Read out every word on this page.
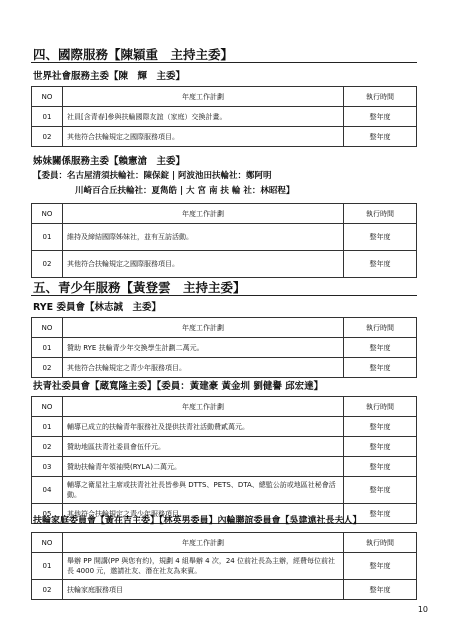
四、國際服務【陳穎重　主持主委】
世界社會服務主委【陳　輝　主委】
NO	年度工作計劃	執行時間
01	社員[含青春]參與扶輪國際友誼（家庭）交換計畫。	整年度
02	其他符合扶輪規定之國際服務項目。	整年度
姊妹關係服務主委【賴憲滄　主委】
【委員：名古屋清須扶輪社：陳保錠 | 阿波池田扶輪社：鄭阿明
川崎百合丘扶輪社：夏雋皓 | 大 宮 南 扶 輪 社：林昭程】
NO	年度工作計劃	執行時間
01	維持及締結國際姊妹社，並有互訪活動。	整年度
02	其他符合扶輪規定之國際服務項目。	整年度
五、青少年服務【黃登雲　主持主委】
RYE 委員會【林志誠　主委】
NO	年度工作計劃	執行時間
01	贊助 RYE 扶輪青少年交換學生計劃二萬元。	整年度
02	其他符合扶輪規定之青少年服務項目。	整年度
扶青社委員會【蔵寬隆主委】【委員：黃建豪 黃金圳 劉健譽 邱宏達】
NO	年度工作計劃	執行時間
01	輔導已成立的扶輪青年服務社及提供扶青社活動費貳萬元。	整年度
02	贊助地區扶青社委員會伍仟元。	整年度
03	贊助扶輪青年領袖獎(RYLA)二萬元。	整年度
04	輔導之衛星社主席或扶青社社長皆參與 DTTS、PETS、DTA、總監公訪或地區社秘會活動。	整年度
05	其他符合扶輪規定之青少年服務項目。	整年度
扶輪家庭委員會【黃在吉主委】【林英男委員】內輪聯誼委員會【吳建遠社長夫人】
NO	年度工作計劃	執行時間
01	舉辦 PP 開講(PP 與您有約)，規劃 4 組舉辦 4 次，24 位前社長為主辦，經費每位前社長 4000 元，邀請社友、潛在社友為來賓。	整年度
02	扶輪家庭服務項目	整年度
10
